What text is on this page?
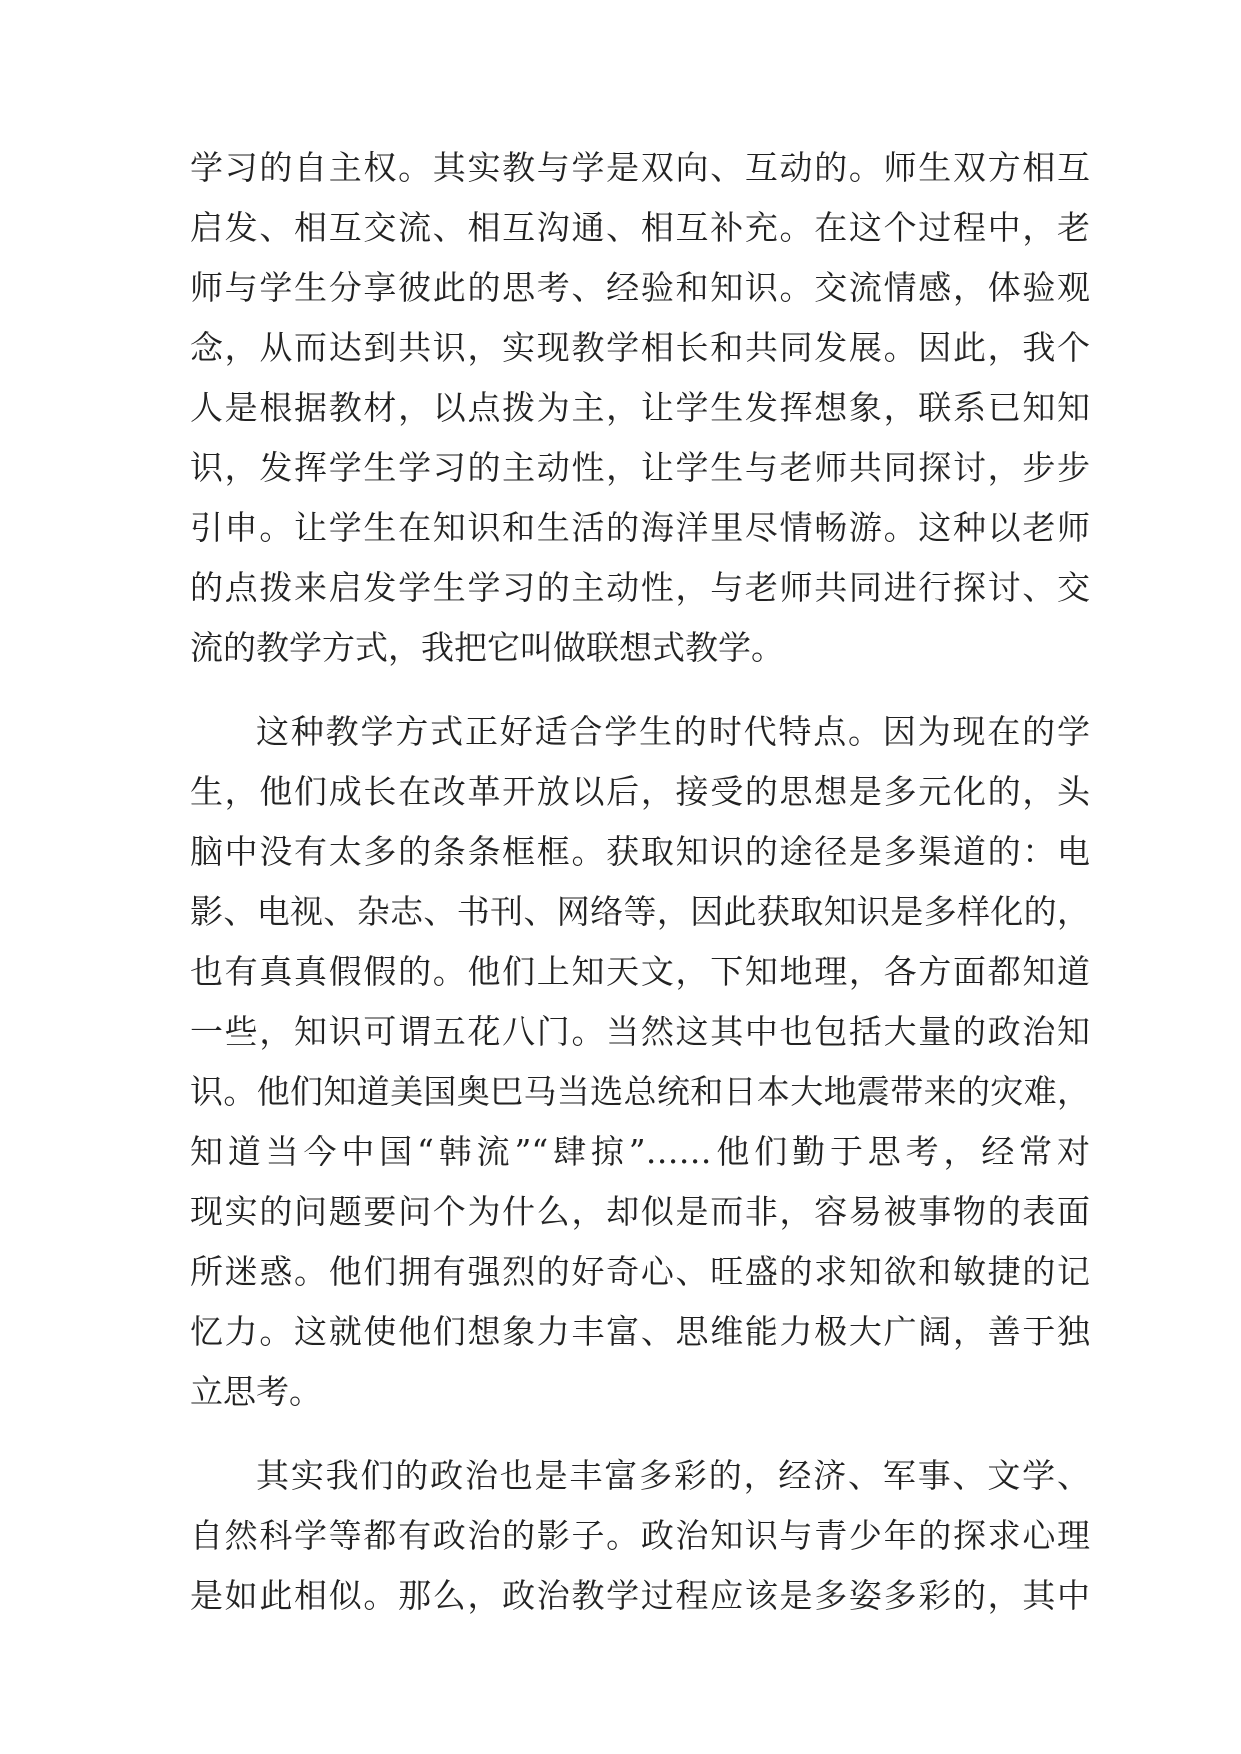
学习的自主权。其实教与学是双向、互动的。师生双方相互
启发、相互交流、相互沟通、相互补充。在这个过程中，老
师与学生分享彼此的思考、经验和知识。交流情感，体验观
念，从而达到共识，实现教学相长和共同发展。因此，我个
人是根据教材，以点拨为主，让学生发挥想象，联系已知知
识，发挥学生学习的主动性，让学生与老师共同探讨，步步
引申。让学生在知识和生活的海洋里尽情畅游。这种以老师
的点拨来启发学生学习的主动性，与老师共同进行探讨、交
流的教学方式，我把它叫做联想式教学。
这种教学方式正好适合学生的时代特点。因为现在的学
生，他们成长在改革开放以后，接受的思想是多元化的，头
脑中没有太多的条条框框。获取知识的途径是多渠道的：电
影、电视、杂志、书刊、网络等，因此获取知识是多样化的，
也有真真假假的。他们上知天文，下知地理，各方面都知道
一些，知识可谓五花八门。当然这其中也包括大量的政治知
识。他们知道美国奥巴马当选总统和日本大地震带来的灾难，
知道当今中国“韩流”“肆掠”……他们勤于思考，经常对
现实的问题要问个为什么，却似是而非，容易被事物的表面
所迷惑。他们拥有强烈的好奇心、旺盛的求知欲和敏捷的记
忆力。这就使他们想象力丰富、思维能力极大广阔，善于独
立思考。
其实我们的政治也是丰富多彩的，经济、军事、文学、
自然科学等都有政治的影子。政治知识与青少年的探求心理
是如此相似。那么，政治教学过程应该是多姿多彩的，其中
